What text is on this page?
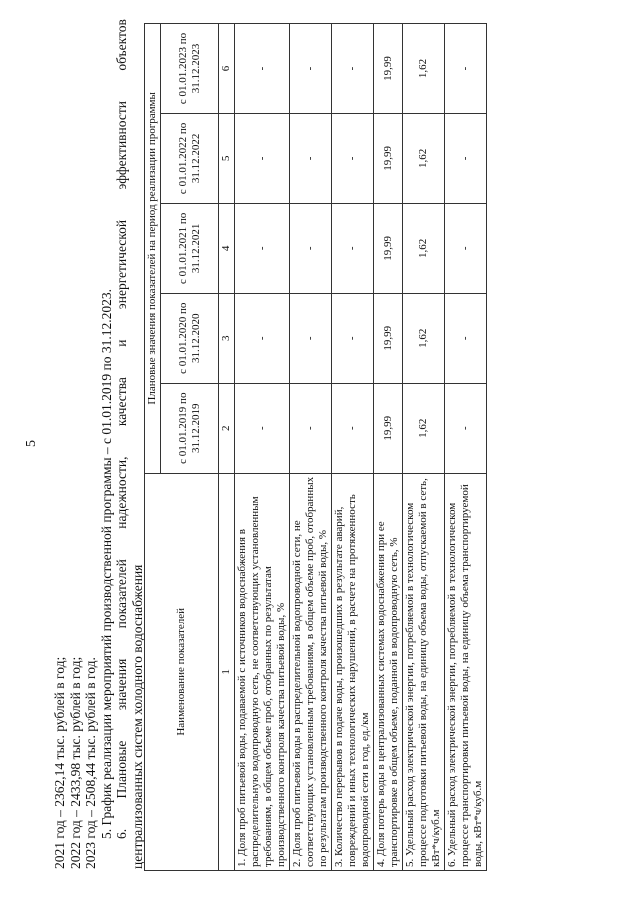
5
2021 год – 2362,14 тыс. рублей в год; 2022 год – 2433,98 тыс. рублей в год; 2023 год – 2508,44 тыс. рублей в год. 5. График реализации мероприятий производственной программы – с 01.01.2019 по 31.12.2023. 6.
Плановые
значения
показателей
надежности,
качества
и
энергетической
эффективности
объектов
централизованных систем холодного водоснабжения	Наименование показателей	Плановые значения показателей на период реализации программы				
	с 01.01.2019 по 31.12.2019	с 01.01.2020 по 31.12.2020	с 01.01.2021 по 31.12.2021	с 01.01.2022 по 31.12.2022	с 01.01.2023 по 31.12.2023
1	2	3	4	5	6
1. Доля проб питьевой воды, подаваемой с источников водоснабжения в распределительную водопроводную сеть, не соответствующих установленным требованиям, в общем объеме проб, отобранных по результатам производственного контроля качества питьевой воды, %	-	-	-	-	-
2. Доля проб питьевой воды в распределительной водопроводной сети, не соответствующих установленным требованиям, в общем объеме проб, отобранных по результатам производственного контроля качества питьевой воды, %	-	-	-	-	-
3. Количество перерывов в подаче воды, произошедших в результате аварий, повреждений и иных технологических нарушений, в расчете на протяженность водопроводной сети в год, ед./км	-	-	-	-	-
4. Доля потерь воды в централизованных системах водоснабжения при ее транспортировке в общем объеме, поданной в водопроводную сеть, %	19,99	19,99	19,99	19,99	19,99
5. Удельный расход электрической энергии, потребляемой в технологическом процессе подготовки питьевой воды, на единицу объема воды, отпускаемой в сеть, кВт*ч/куб.м	1,62	1,62	1,62	1,62	1,62
6. Удельный расход электрической энергии, потребляемой в технологическом процессе транспортировки питьевой воды, на единицу объема транспортируемой воды, кВт*ч/куб.м	-	-	-	-	-
